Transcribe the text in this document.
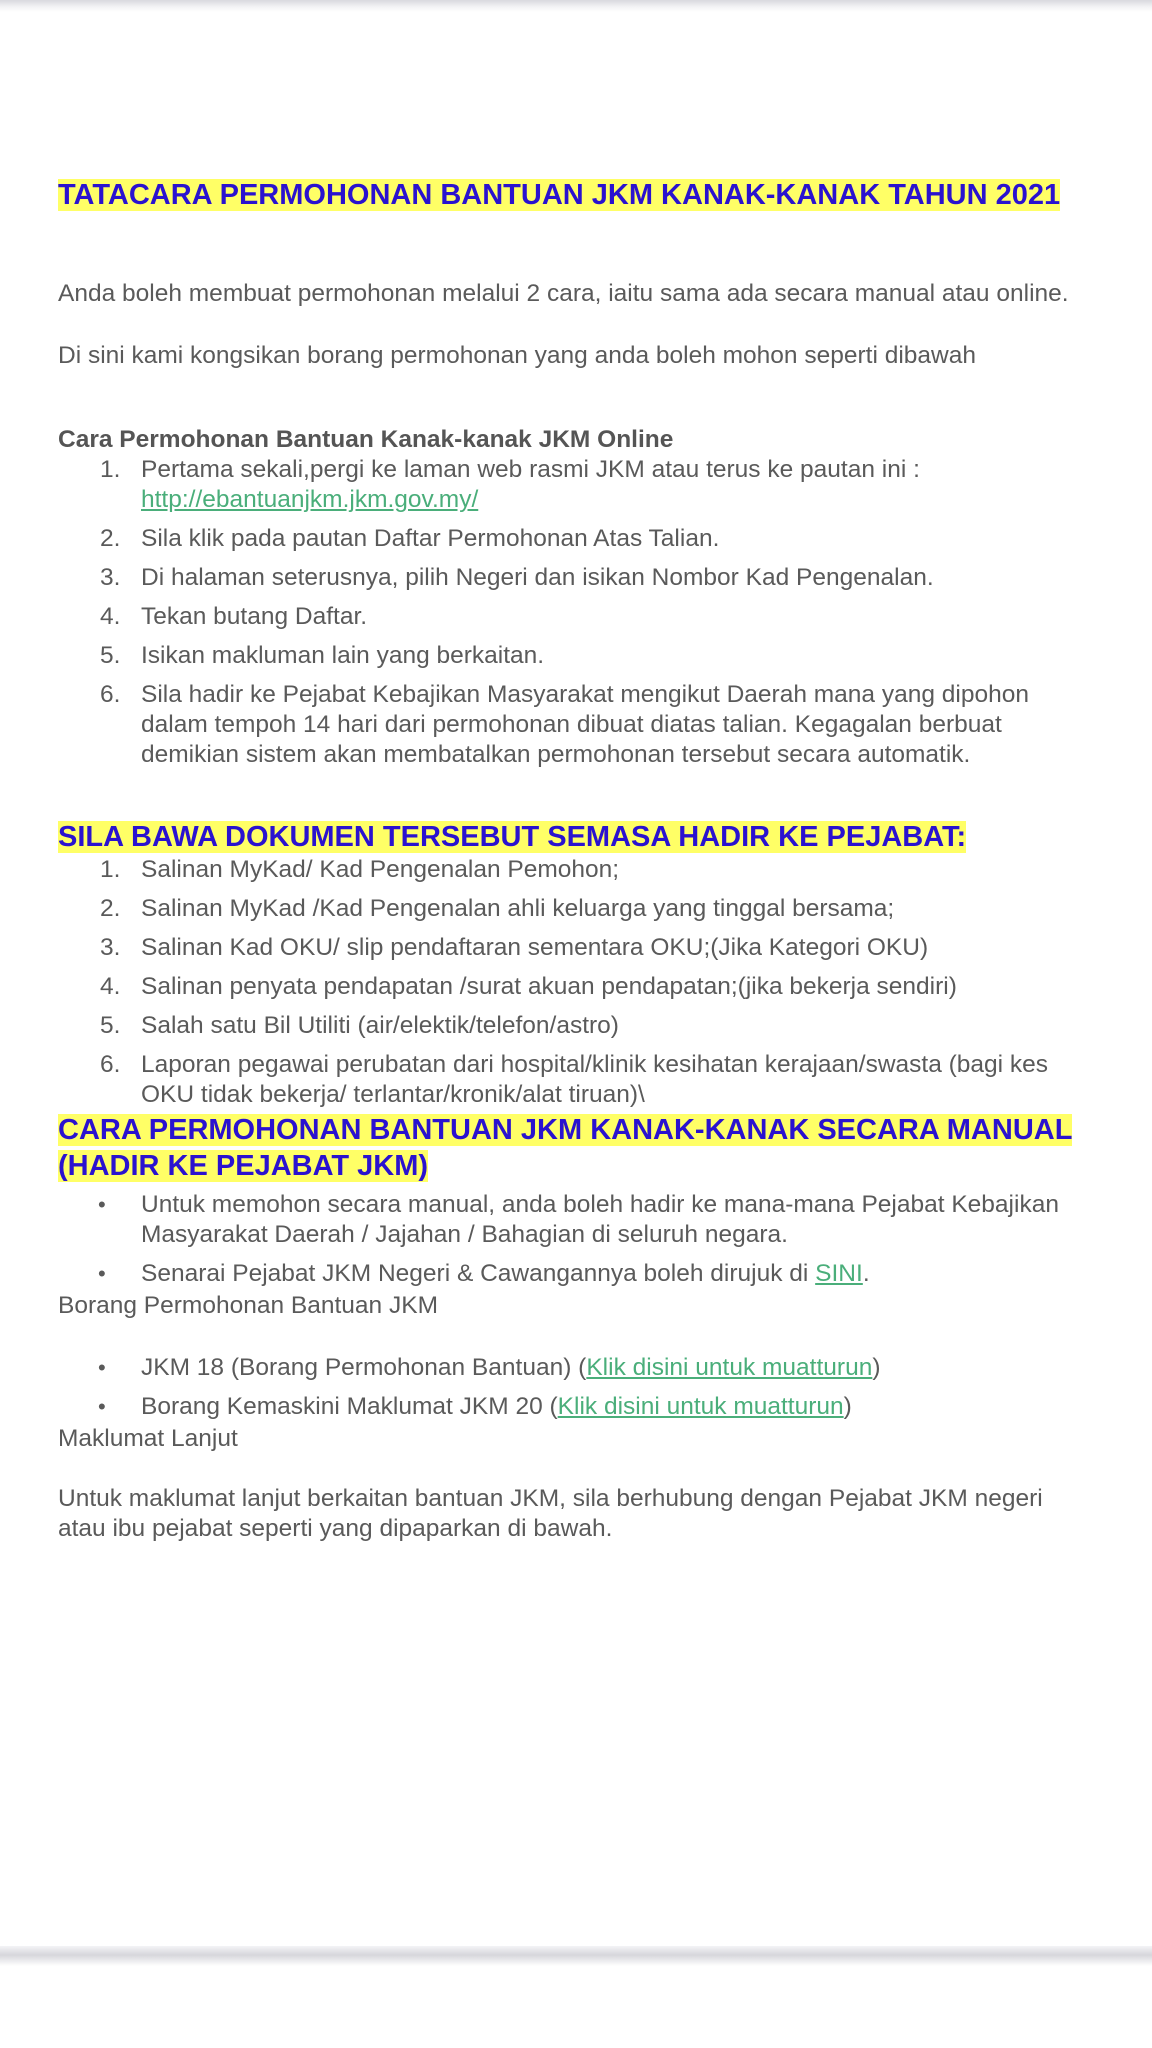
TATACARA PERMOHONAN BANTUAN JKM KANAK-KANAK TAHUN 2021

Anda boleh membuat permohonan melalui 2 cara, iaitu sama ada secara manual atau online.

Di sini kami kongsikan borang permohonan yang anda boleh mohon seperti dibawah

Cara Permohonan Bantuan Kanak-kanak JKM Online

1. Pertama sekali,pergi ke laman web rasmi JKM atau terus ke pautan ini : http://ebantuanjkm.jkm.gov.my/
2. Sila klik pada pautan Daftar Permohonan Atas Talian.
3. Di halaman seterusnya, pilih Negeri dan isikan Nombor Kad Pengenalan.
4. Tekan butang Daftar.
5. Isikan makluman lain yang berkaitan.
6. Sila hadir ke Pejabat Kebajikan Masyarakat mengikut Daerah mana yang dipohon dalam tempoh 14 hari dari permohonan dibuat diatas talian. Kegagalan berbuat demikian sistem akan membatalkan permohonan tersebut secara automatik.
SILA BAWA DOKUMEN TERSEBUT SEMASA HADIR KE PEJABAT:
1. Salinan MyKad/ Kad Pengenalan Pemohon;
2. Salinan MyKad /Kad Pengenalan ahli keluarga yang tinggal bersama;
3. Salinan Kad OKU/ slip pendaftaran sementara OKU;(Jika Kategori OKU)
4. Salinan penyata pendapatan /surat akuan pendapatan;(jika bekerja sendiri)
5. Salah satu Bil Utiliti (air/elektik/telefon/astro)
6. Laporan pegawai perubatan dari hospital/klinik kesihatan kerajaan/swasta (bagi kes OKU tidak bekerja/ terlantar/kronik/alat tiruan)\
CARA PERMOHONAN BANTUAN JKM KANAK-KANAK SECARA MANUAL (HADIR KE PEJABAT JKM)
• Untuk memohon secara manual, anda boleh hadir ke mana-mana Pejabat Kebajikan Masyarakat Daerah / Jajahan / Bahagian di seluruh negara.
• Senarai Pejabat JKM Negeri & Cawangannya boleh dirujuk di SINI.

Borang Permohonan Bantuan JKM

• JKM 18 (Borang Permohonan Bantuan) (Klik disini untuk muatturun)
• Borang Kemaskini Maklumat JKM 20 (Klik disini untuk muatturun)

Maklumat Lanjut

Untuk maklumat lanjut berkaitan bantuan JKM, sila berhubung dengan Pejabat JKM negeri atau ibu pejabat seperti yang dipaparkan di bawah.
